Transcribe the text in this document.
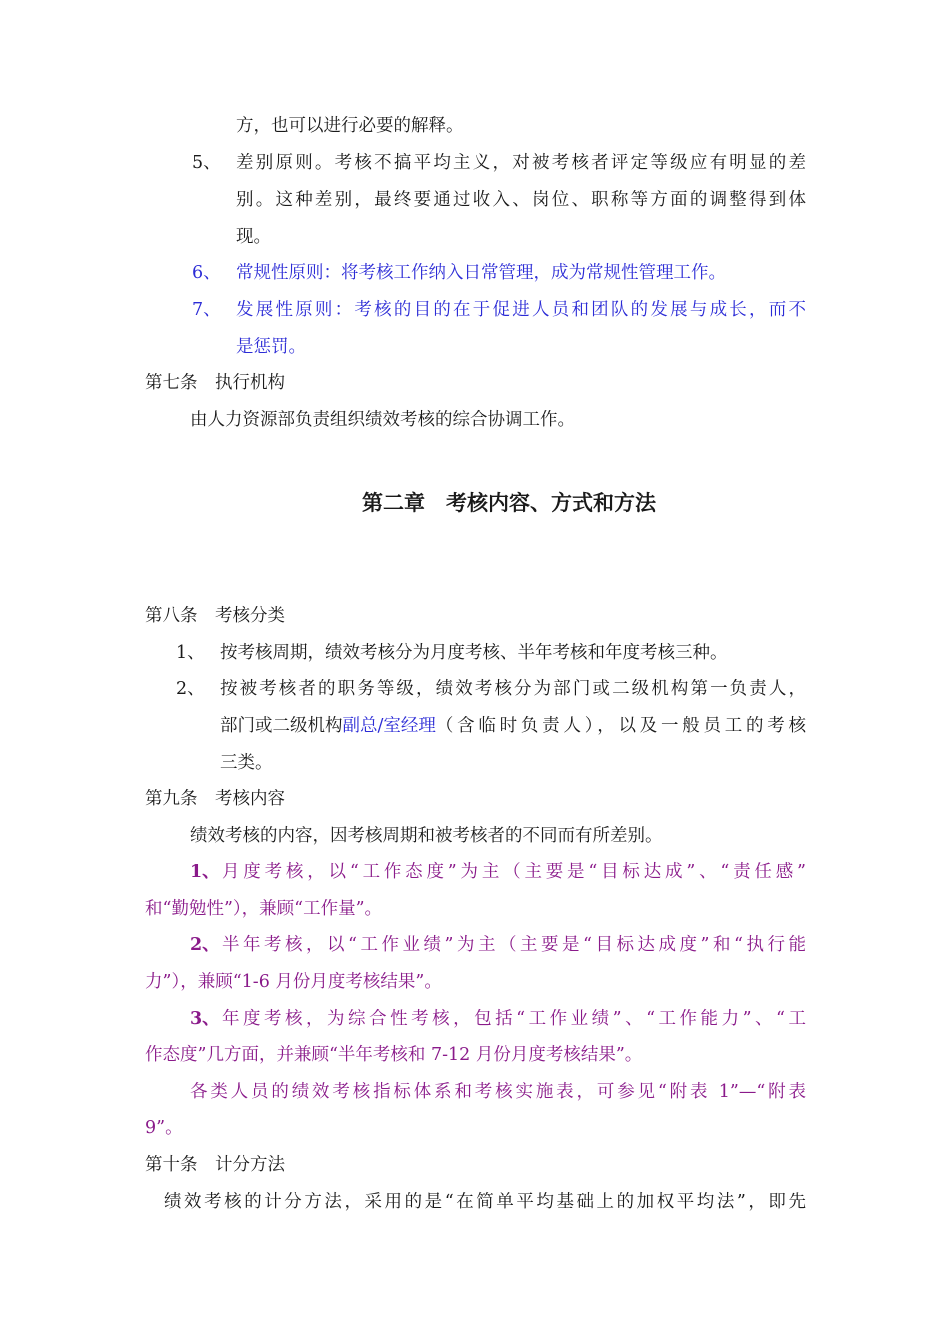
方，也可以进行必要的解释。
5、 差别原则。考核不搞平均主义，对被考核者评定等级应有明显的差
别。这种差别，最终要通过收入、岗位、职称等方面的调整得到体
现。
6、 常规性原则：将考核工作纳入日常管理，成为常规性管理工作。
7、 发展性原则：考核的目的在于促进人员和团队的发展与成长，而不
是惩罚。
第七条　执行机构
由人力资源部负责组织绩效考核的综合协调工作。
第二章　考核内容、方式和方法
第八条　考核分类
1、 按考核周期，绩效考核分为月度考核、半年考核和年度考核三种。
2、 按被考核者的职务等级，绩效考核分为部门或二级机构第一负责人，
部门或二级机构 副总/室经理 （含临时负责人），以及一般员工的考核
三类。
第九条　考核内容
绩效考核的内容，因考核周期和被考核者的不同而有所差别。
1、 月度考核，以“工作态度”为主（主要是“目标达成”、“责任感”
和“勤勉性”），兼顾“工作量”。
2、 半年考核，以“工作业绩”为主（主要是“目标达成度”和“执行能
力”），兼顾“1-6 月份月度考核结果”。
3、 年度考核，为综合性考核，包括“工作业绩”、“工作能力”、“工
作态度”几方面，并兼顾“半年考核和 7-12 月份月度考核结果”。
各类人员的绩效考核指标体系和考核实施表，可参见“附表 1”—“附表
9”。
第十条　计分方法
绩效考核的计分方法，采用的是“在简单平均基础上的加权平均法”，即先
